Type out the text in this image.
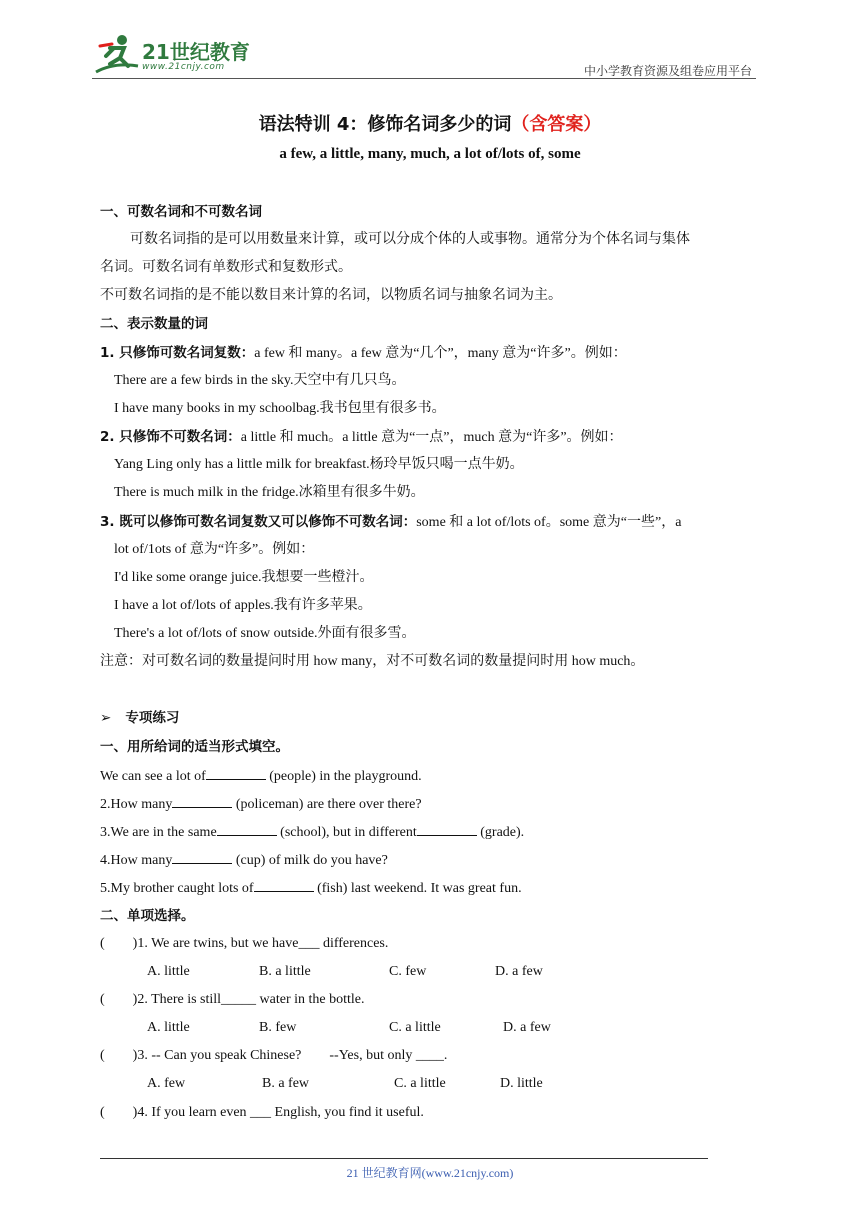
21世纪教育
www.21cnjy.com	中小学教育资源及组卷应用平台
语法特训 4：修饰名词多少的词（含答案）
a few, a little, many, much, a lot of/lots of, some
一、可数名词和不可数名词
可数名词指的是可以用数量来计算，或可以分成个体的人或事物。通常分为个体名词与集体
名词。可数名词有单数形式和复数形式。
不可数名词指的是不能以数目来计算的名词，以物质名词与抽象名词为主。
二、表示数量的词
1. 只修饰可数名词复数：a few 和 many。a few 意为“几个”，many 意为“许多”。例如：
There are a few birds in the sky.天空中有几只鸟。
I have many books in my schoolbag.我书包里有很多书。
2. 只修饰不可数名词：a little 和 much。a little 意为“一点”，much 意为“许多”。例如：
Yang Ling only has a little milk for breakfast.杨玲早饭只喝一点牛奶。
There is much milk in the fridge.冰箱里有很多牛奶。
3. 既可以修饰可数名词复数又可以修饰不可数名词：some 和 a lot of/lots of。some 意为“一些”，a
lot of/1ots of 意为“许多”。例如：
I'd like some orange juice.我想要一些橙汁。
I have a lot of/lots of apples.我有许多苹果。
There's a lot of/lots of snow outside.外面有很多雪。
注意：对可数名词的数量提问时用 how many，对不可数名词的数量提问时用 how much。
➢ 专项练习
一、用所给词的适当形式填空。
We can see a lot of	(people) in the playground.
2.How many	(policeman) are there over there?
3.We are in the same	(school), but in different	(grade).
4.How many	(cup) of milk do you have?
5.My brother caught lots of	(fish) last weekend. It was great fun.
二、单项选择。
(        )1. We are twins, but we have___ differences.
A. little	B. a little	C. few	D. a few
(        )2. There is still_____ water in the bottle.
A. little	B. few	C. a little	D. a few
(        )3. -- Can you speak Chinese?        --Yes, but only ____.
A. few	B. a few	C. a little	D. little
(        )4. If you learn even ___ English, you find it useful.
21 世纪教育网(www.21cnjy.com)
